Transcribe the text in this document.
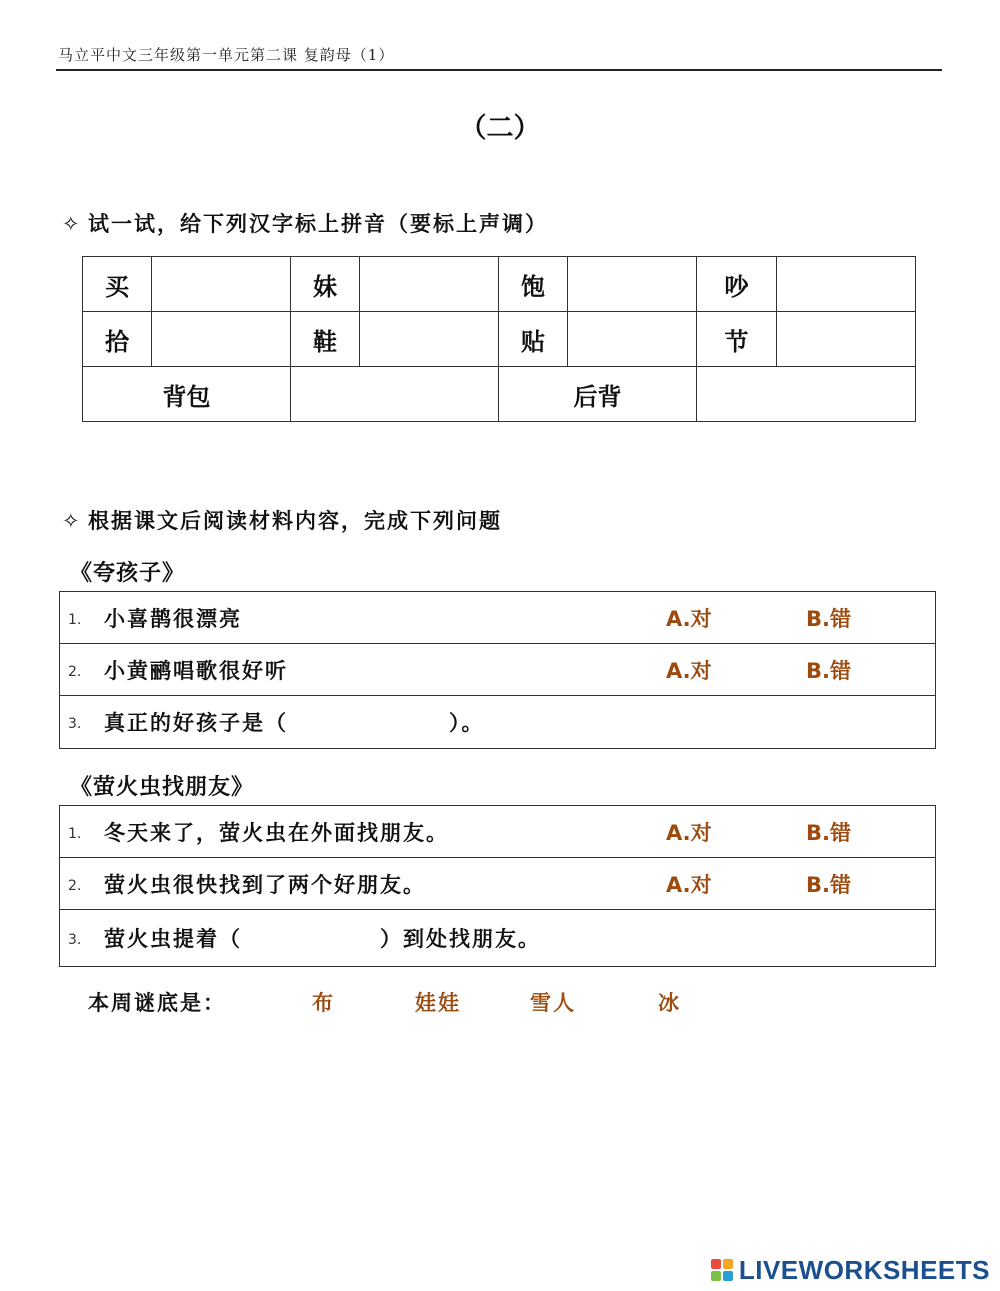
马立平中文三年级第一单元第二课 复韵母（1）
（二）
✧ 试一试，给下列汉字标上拼音（要标上声调）
买		妹		饱		吵	
拾		鞋		贴		节	
背包				后背			
✧ 根据课文后阅读材料内容，完成下列问题
《夸孩子》
1. 小喜鹊很漂亮	A.对	B.错
2. 小黄鹂唱歌很好听	A.对	B.错
3. 真正的好孩子是（　　　　　　　）。
《萤火虫找朋友》
1. 冬天来了，萤火虫在外面找朋友。	A.对	B.错
2. 萤火虫很快找到了两个好朋友。	A.对	B.错
3. 萤火虫提着（　　　　　　）到处找朋友。
本周谜底是：	布	娃娃	雪人	冰
LIVEWORKSHEETS
